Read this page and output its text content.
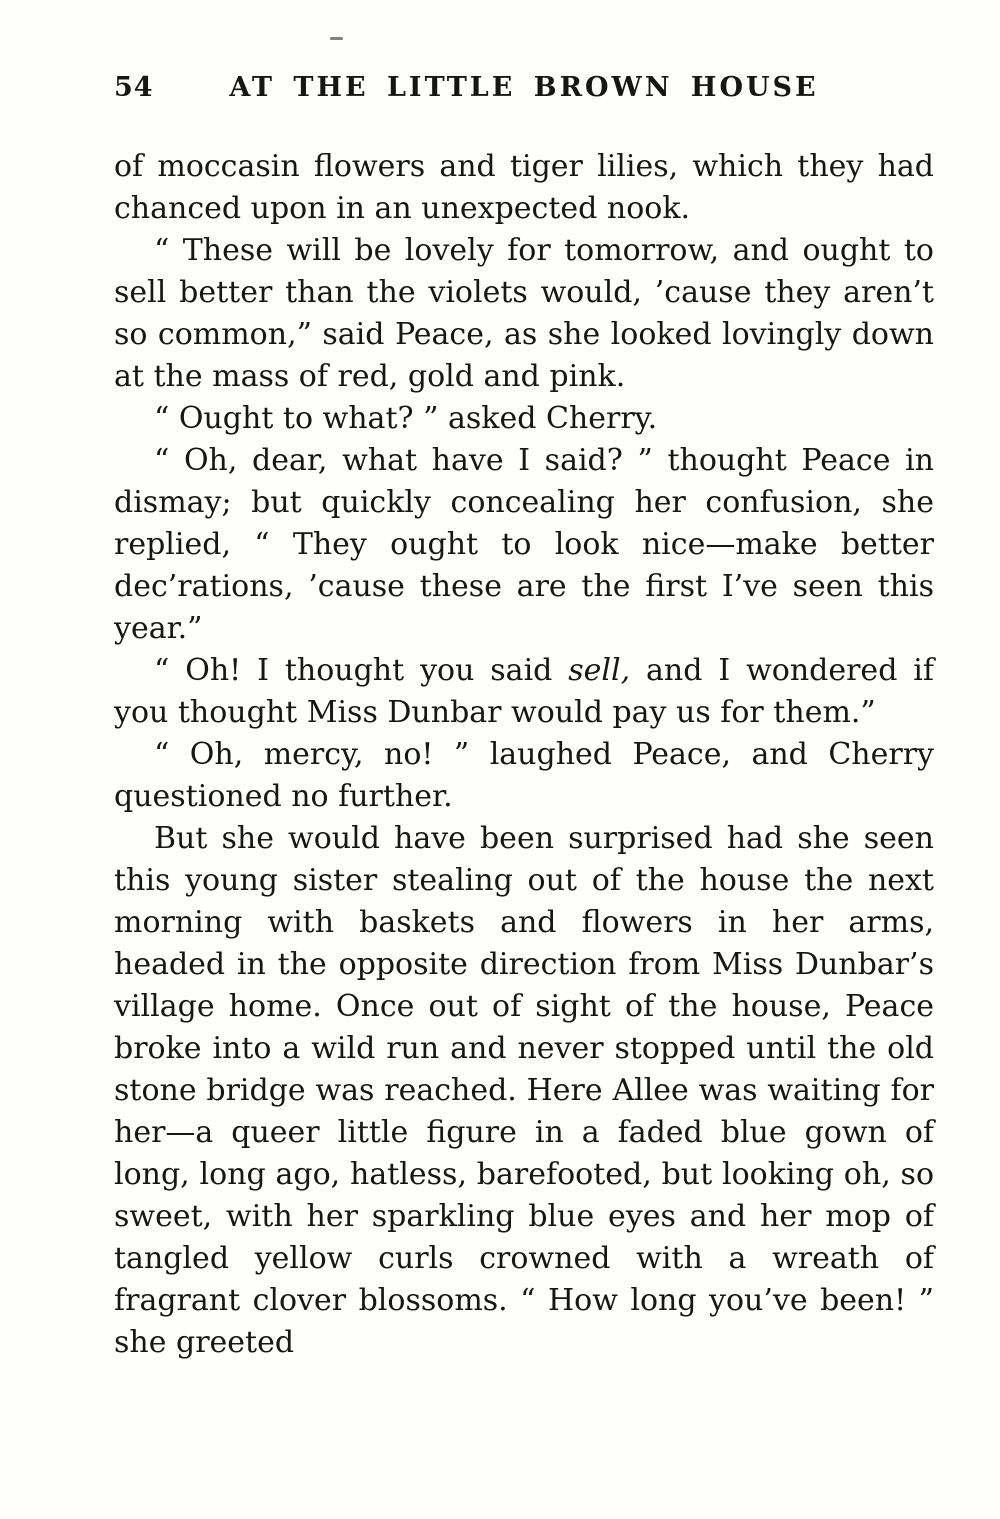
54	AT THE LITTLE BROWN HOUSE

of moccasin flowers and tiger lilies, which they had chanced upon in an unexpected nook.

“ These will be lovely for tomorrow, and ought to sell better than the violets would, ’cause they aren’t so common,” said Peace, as she looked lovingly down at the mass of red, gold and pink.

“ Ought to what? ” asked Cherry.

“ Oh, dear, what have I said? ” thought Peace in dismay; but quickly concealing her confusion, she replied, “ They ought to look nice—make better dec’rations, ’cause these are the first I’ve seen this year.”

“ Oh! I thought you said sell, and I wondered if you thought Miss Dunbar would pay us for them.”

“ Oh, mercy, no! ” laughed Peace, and Cherry questioned no further.

But she would have been surprised had she seen this young sister stealing out of the house the next morning with baskets and flowers in her arms, headed in the opposite direction from Miss Dunbar’s village home. Once out of sight of the house, Peace broke into a wild run and never stopped until the old stone bridge was reached. Here Allee was waiting for her—a queer little figure in a faded blue gown of long, long ago, hatless, barefooted, but looking oh, so sweet, with her sparkling blue eyes and her mop of tangled yellow curls crowned with a wreath of fragrant clover blossoms. “ How long you’ve been! ” she greeted
